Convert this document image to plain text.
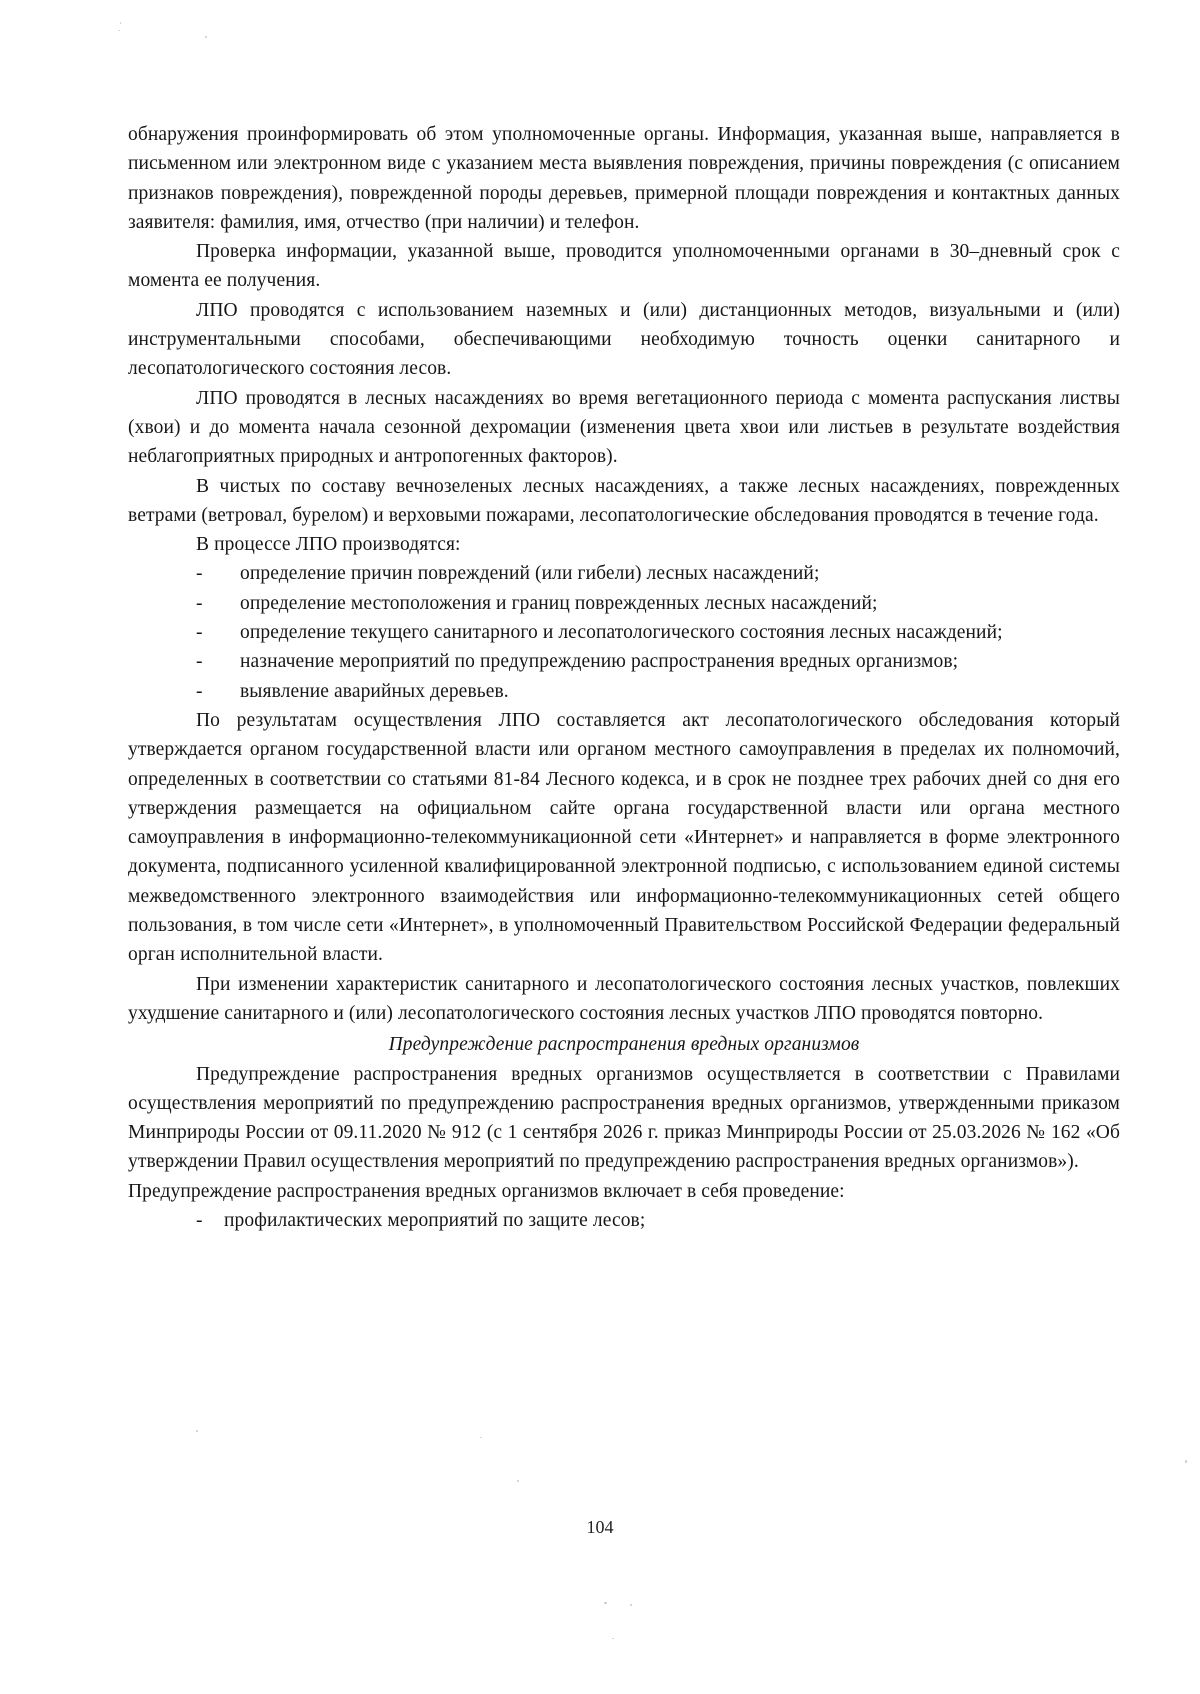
обнаружения проинформировать об этом уполномоченные органы. Информация, указанная выше, направляется в письменном или электронном виде с указанием места выявления повреждения, причины повреждения (с описанием признаков повреждения), поврежденной породы деревьев, примерной площади повреждения и контактных данных заявителя: фамилия, имя, отчество (при наличии) и телефон.

Проверка информации, указанной выше, проводится уполномоченными органами в 30–дневный срок с момента ее получения.

ЛПО проводятся с использованием наземных и (или) дистанционных методов, визуальными и (или) инструментальными способами, обеспечивающими необходимую точность оценки санитарного и лесопатологического состояния лесов.

ЛПО проводятся в лесных насаждениях во время вегетационного периода с момента распускания листвы (хвои) и до момента начала сезонной дехромации (изменения цвета хвои или листьев в результате воздействия неблагоприятных природных и антропогенных факторов).

В чистых по составу вечнозеленых лесных насаждениях, а также лесных насаждениях, поврежденных ветрами (ветровал, бурелом) и верховыми пожарами, лесопатологические обследования проводятся в течение года.

В процессе ЛПО производятся:

- определение причин повреждений (или гибели) лесных насаждений;

- определение местоположения и границ поврежденных лесных насаждений;

- определение текущего санитарного и лесопатологического состояния лесных насаждений;

- назначение мероприятий по предупреждению распространения вредных организмов;

- выявление аварийных деревьев.

По результатам осуществления ЛПО составляется акт лесопатологического обследования который утверждается органом государственной власти или органом местного самоуправления в пределах их полномочий, определенных в соответствии со статьями 81-84 Лесного кодекса, и в срок не позднее трех рабочих дней со дня его утверждения размещается на официальном сайте органа государственной власти или органа местного самоуправления в информационно-телекоммуникационной сети «Интернет» и направляется в форме электронного документа, подписанного усиленной квалифицированной электронной подписью, с использованием единой системы межведомственного электронного взаимодействия или информационно-телекоммуникационных сетей общего пользования, в том числе сети «Интернет», в уполномоченный Правительством Российской Федерации федеральный орган исполнительной власти.

При изменении характеристик санитарного и лесопатологического состояния лесных участков, повлекших ухудшение санитарного и (или) лесопатологического состояния лесных участков ЛПО проводятся повторно.

Предупреждение распространения вредных организмов

Предупреждение распространения вредных организмов осуществляется в соответствии с Правилами осуществления мероприятий по предупреждению распространения вредных организмов, утвержденными приказом Минприроды России от 09.11.2020 № 912 (с 1 сентября 2026 г. приказ Минприроды России от 25.03.2026 № 162 «Об утверждении Правил осуществления мероприятий по предупреждению распространения вредных организмов»).

Предупреждение распространения вредных организмов включает в себя проведение:

- профилактических мероприятий по защите лесов;

104
